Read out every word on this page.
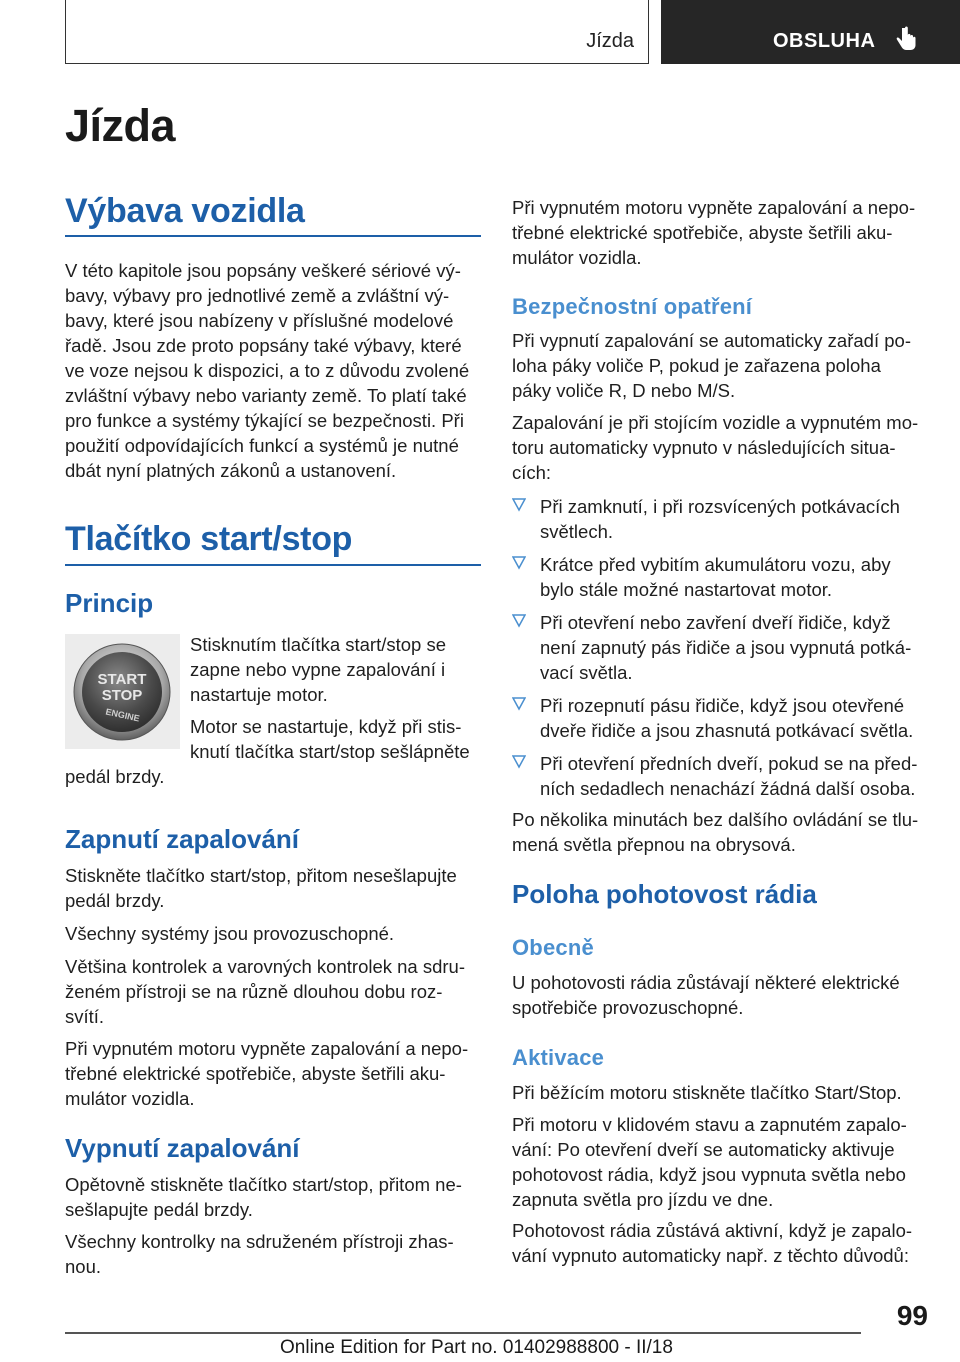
Jízda	OBSLUHA
Jízda
Výbava vozidla
V této kapitole jsou popsány veškeré sériové vý-
bavy, výbavy pro jednotlivé země a zvláštní vý-
bavy, které jsou nabízeny v příslušné modelové
řadě. Jsou zde proto popsány také výbavy, které
ve voze nejsou k dispozici, a to z důvodu zvolené
zvláštní výbavy nebo varianty země. To platí také
pro funkce a systémy týkající se bezpečnosti. Při
použití odpovídajících funkcí a systémů je nutné
dbát nyní platných zákonů a ustanovení.
Tlačítko start/stop
Princip
START
STOP
ENGINE
Stisknutím tlačítka start/stop se
zapne nebo vypne zapalování i
nastartuje motor.
Motor se nastartuje, když při stis-
knutí tlačítka start/stop sešlápněte
pedál brzdy.
Zapnutí zapalování
Stiskněte tlačítko start/stop, přitom nesešlapujte
pedál brzdy.
Všechny systémy jsou provozuschopné.
Většina kontrolek a varovných kontrolek na sdru-
ženém přístroji se na různě dlouhou dobu roz-
svítí.
Při vypnutém motoru vypněte zapalování a nepo-
třebné elektrické spotřebiče, abyste šetřili aku-
mulátor vozidla.
Vypnutí zapalování
Opětovně stiskněte tlačítko start/stop, přitom ne-
sešlapujte pedál brzdy.
Všechny kontrolky na sdruženém přístroji zhas-
nou.
Při vypnutém motoru vypněte zapalování a nepo-
třebné elektrické spotřebiče, abyste šetřili aku-
mulátor vozidla.
Bezpečnostní opatření
Při vypnutí zapalování se automaticky zařadí po-
loha páky voliče P, pokud je zařazena poloha
páky voliče R, D nebo M/S.
Zapalování je při stojícím vozidle a vypnutém mo-
toru automaticky vypnuto v následujících situa-
cích:
Při zamknutí, i při rozsvícených potkávacích
světlech.
Krátce před vybitím akumulátoru vozu, aby
bylo stále možné nastartovat motor.
Při otevření nebo zavření dveří řidiče, když
není zapnutý pás řidiče a jsou vypnutá potká-
vací světla.
Při rozepnutí pásu řidiče, když jsou otevřené
dveře řidiče a jsou zhasnutá potkávací světla.
Při otevření předních dveří, pokud se na před-
ních sedadlech nenachází žádná další osoba.
Po několika minutách bez dalšího ovládání se tlu-
mená světla přepnou na obrysová.
Poloha pohotovost rádia
Obecně
U pohotovosti rádia zůstávají některé elektrické
spotřebiče provozuschopné.
Aktivace
Při běžícím motoru stiskněte tlačítko Start/Stop.
Při motoru v klidovém stavu a zapnutém zapalo-
vání: Po otevření dveří se automaticky aktivuje
pohotovost rádia, když jsou vypnuta světla nebo
zapnuta světla pro jízdu ve dne.
Pohotovost rádia zůstává aktivní, když je zapalo-
vání vypnuto automaticky např. z těchto důvodů:
99
Online Edition for Part no. 01402988800 - II/18
